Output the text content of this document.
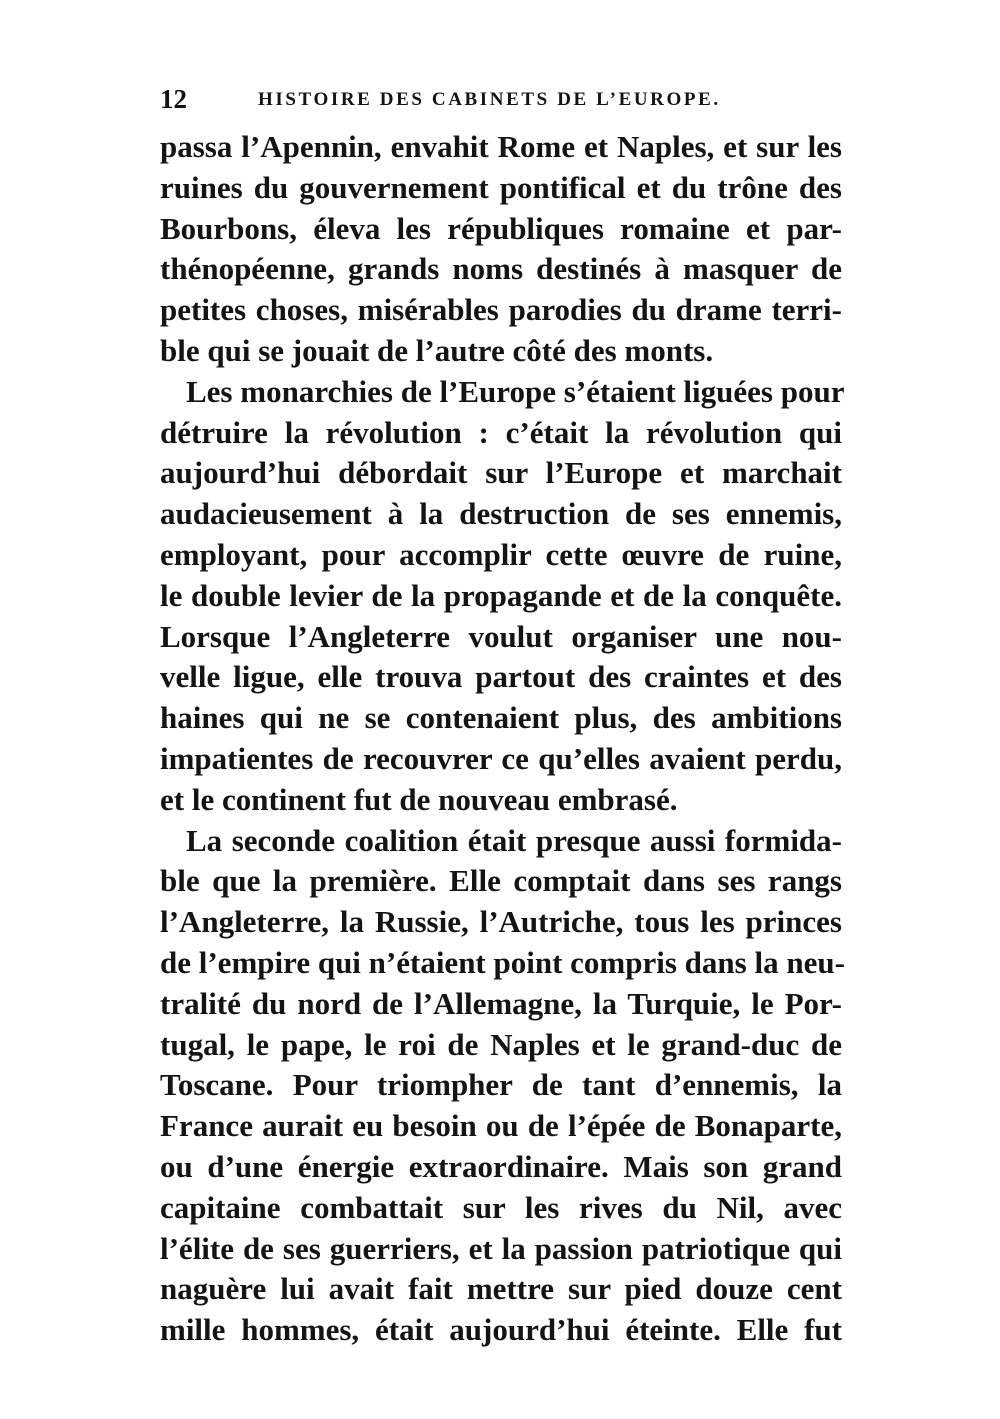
12	HISTOIRE DES CABINETS DE L’EUROPE.
passa l’Apennin, envahit Rome et Naples, et sur les
ruines du gouvernement pontifical et du trône des
Bourbons, éleva les républiques romaine et par-
thénopéenne, grands noms destinés à masquer de
petites choses, misérables parodies du drame terri-
ble qui se jouait de l’autre côté des monts.
Les monarchies de l’Europe s’étaient liguées pour
détruire la révolution : c’était la révolution qui
aujourd’hui débordait sur l’Europe et marchait
audacieusement à la destruction de ses ennemis,
employant, pour accomplir cette œuvre de ruine,
le double levier de la propagande et de la conquête.
Lorsque l’Angleterre voulut organiser une nou-
velle ligue, elle trouva partout des craintes et des
haines qui ne se contenaient plus, des ambitions
impatientes de recouvrer ce qu’elles avaient perdu,
et le continent fut de nouveau embrasé.
La seconde coalition était presque aussi formida-
ble que la première. Elle comptait dans ses rangs
l’Angleterre, la Russie, l’Autriche, tous les princes
de l’empire qui n’étaient point compris dans la neu-
tralité du nord de l’Allemagne, la Turquie, le Por-
tugal, le pape, le roi de Naples et le grand-duc de
Toscane. Pour triompher de tant d’ennemis, la
France aurait eu besoin ou de l’épée de Bonaparte,
ou d’une énergie extraordinaire. Mais son grand
capitaine combattait sur les rives du Nil, avec
l’élite de ses guerriers, et la passion patriotique qui
naguère lui avait fait mettre sur pied douze cent
mille hommes, était aujourd’hui éteinte. Elle fut
